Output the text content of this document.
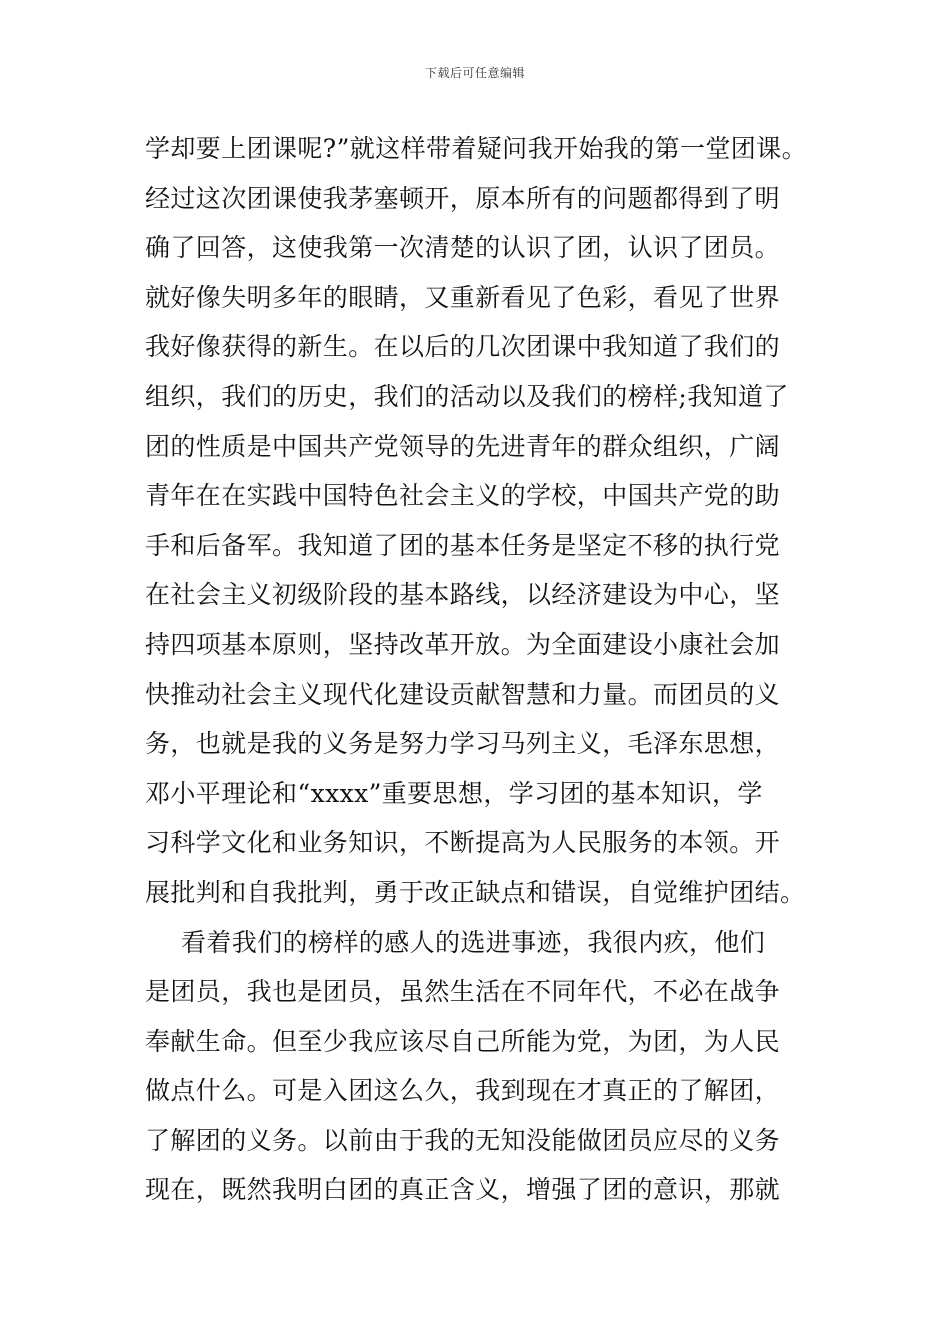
下载后可任意编辑
学却要上团课呢?”就这样带着疑问我开始我的第一堂团课。
经过这次团课使我茅塞顿开，原本所有的问题都得到了明
确了回答，这使我第一次清楚的认识了团，认识了团员。
就好像失明多年的眼睛，又重新看见了色彩，看见了世界
我好像获得的新生。在以后的几次团课中我知道了我们的
组织，我们的历史，我们的活动以及我们的榜样;我知道了
团的性质是中国共产党领导的先进青年的群众组织，广阔
青年在在实践中国特色社会主义的学校，中国共产党的助
手和后备军。我知道了团的基本任务是坚定不移的执行党
在社会主义初级阶段的基本路线，以经济建设为中心，坚
持四项基本原则，坚持改革开放。为全面建设小康社会加
快推动社会主义现代化建设贡献智慧和力量。而团员的义
务，也就是我的义务是努力学习马列主义，毛泽东思想，
邓小平理论和“xxxx”重要思想，学习团的基本知识，学
习科学文化和业务知识，不断提高为人民服务的本领。开
展批判和自我批判，勇于改正缺点和错误，自觉维护团结。
看着我们的榜样的感人的选进事迹，我很内疚，他们
是团员，我也是团员，虽然生活在不同年代，不必在战争
奉献生命。但至少我应该尽自己所能为党，为团，为人民
做点什么。可是入团这么久，我到现在才真正的了解团，
了解团的义务。以前由于我的无知没能做团员应尽的义务
现在，既然我明白团的真正含义，增强了团的意识，那就
